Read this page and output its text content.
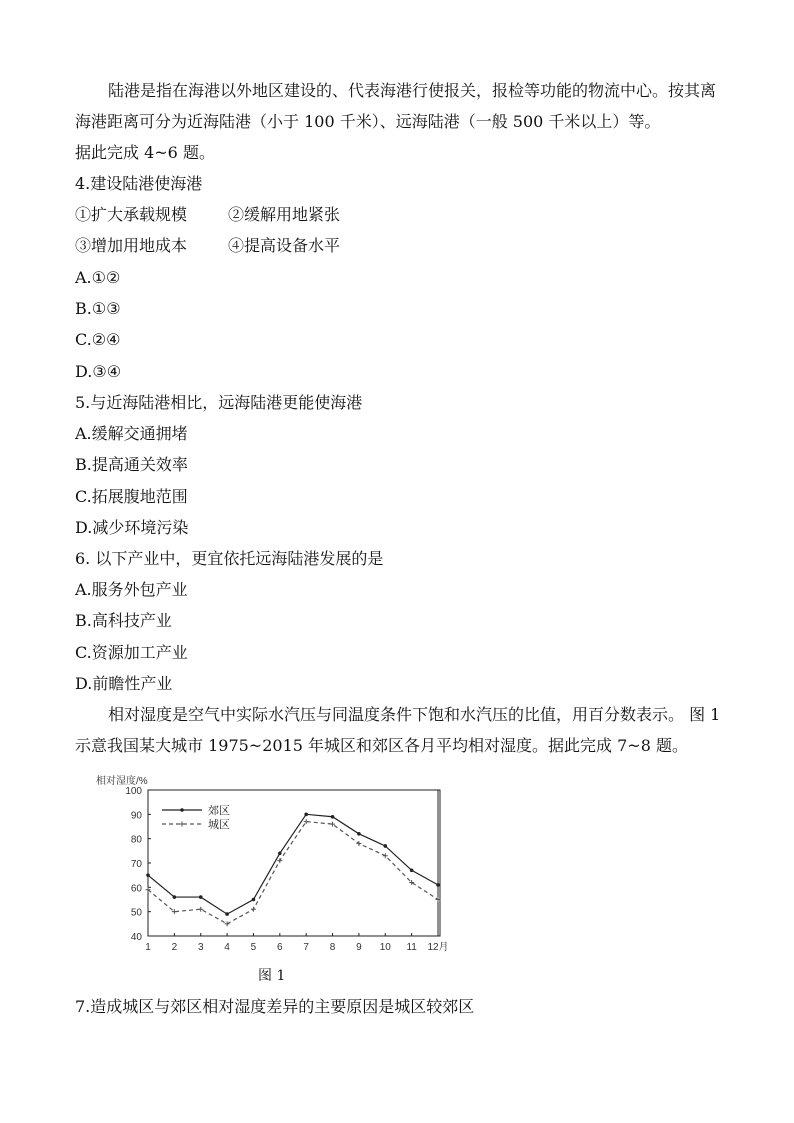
陆港是指在海港以外地区建设的、代表海港行使报关，报检等功能的物流中心。按其离
海港距离可分为近海陆港（小于 100 千米）、远海陆港（一般 500 千米以上）等。
据此完成 4~6 题。
4.建设陆港使海港
①扩大承载规模	②缓解用地紧张
③增加用地成本	④提高设备水平
A.①②
B.①③
C.②④
D.③④
5.与近海陆港相比，远海陆港更能使海港
A.缓解交通拥堵
B.提高通关效率
C.拓展腹地范围
D.减少环境污染
6. 以下产业中，更宜依托远海陆港发展的是
A.服务外包产业
B.高科技产业
C.资源加工产业
D.前瞻性产业
相对湿度是空气中实际水汽压与同温度条件下饱和水汽压的比值，用百分数表示。 图 1
示意我国某大城市 1975~2015 年城区和郊区各月平均相对湿度。据此完成 7~8 题。
相对湿度/%
40
50
60
70
80
90
100
1 2 3 4 5 6 7 8 9 10 11 12月
郊区
城区
图 1
7.造成城区与郊区相对湿度差异的主要原因是城区较郊区
